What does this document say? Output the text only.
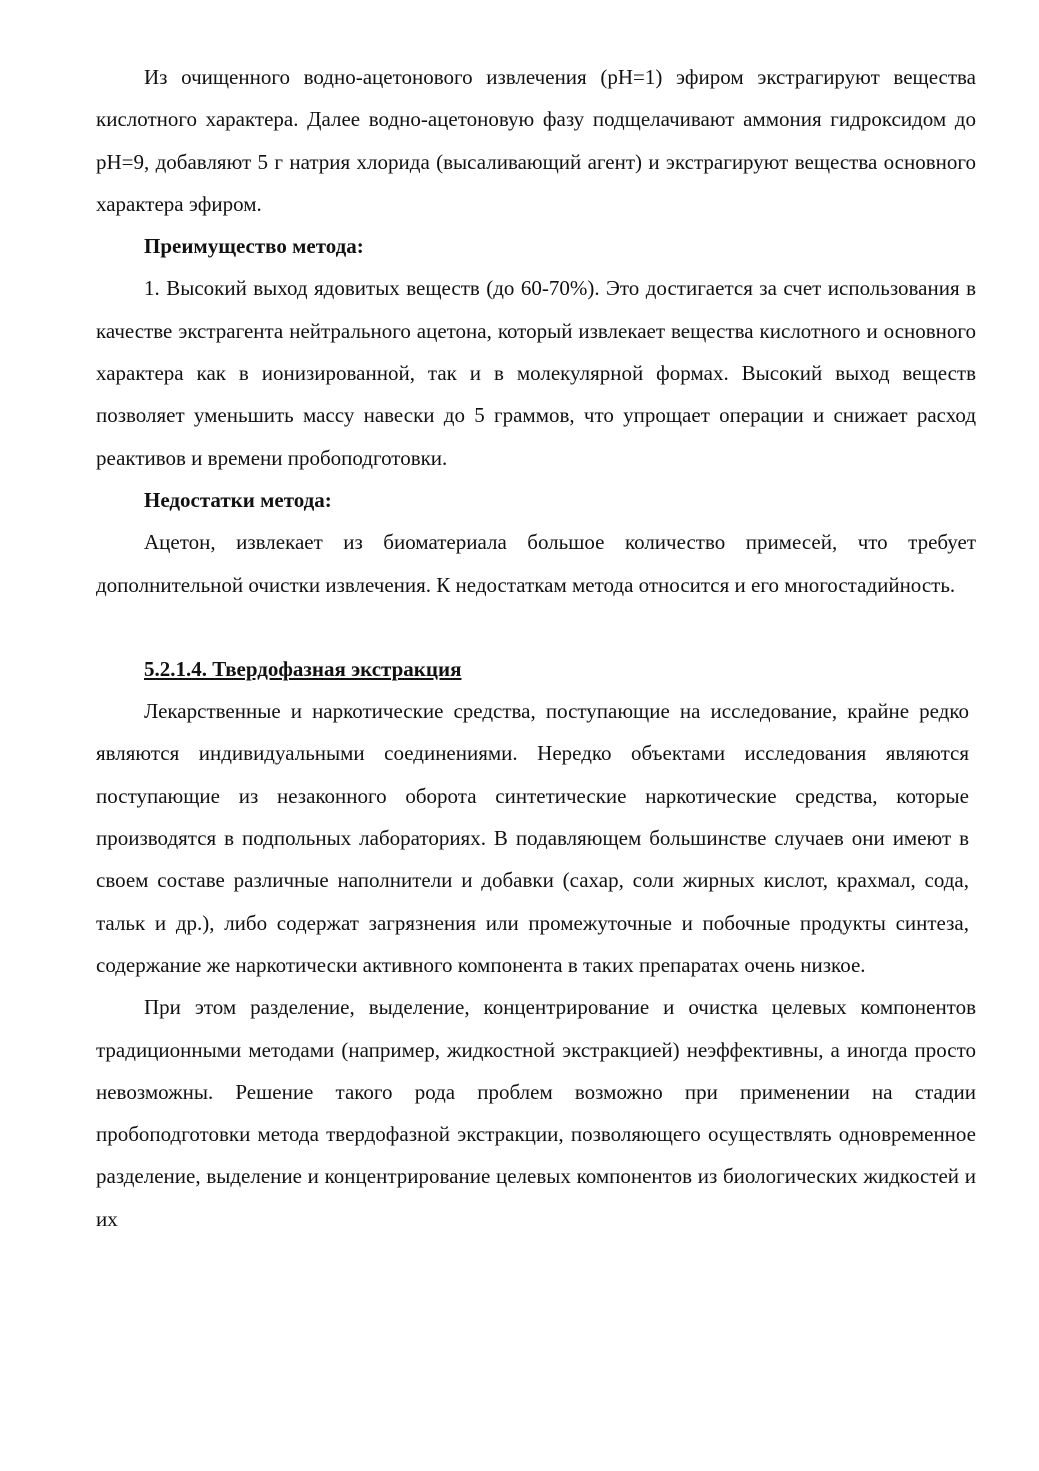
Из очищенного водно-ацетонового извлечения (pH=1) эфиром экстрагируют вещества кислотного характера. Далее водно-ацетоновую фазу подщелачивают аммония гидроксидом до pH=9, добавляют 5 г натрия хлорида (высаливающий агент) и экстрагируют вещества основного характера эфиром.

Преимущество метода:

1. Высокий выход ядовитых веществ (до 60-70%). Это достигается за счет использования в качестве экстрагента нейтрального ацетона, который извлекает вещества кислотного и основного характера как в ионизированной, так и в молекулярной формах. Высокий выход веществ позволяет уменьшить массу навески до 5 граммов, что упрощает операции и снижает расход реактивов и времени пробоподготовки.

Недостатки метода:

Ацетон, извлекает из биоматериала большое количество примесей, что требует дополнительной очистки извлечения. К недостаткам метода относится и его многостадийность.

5.2.1.4. Твердофазная экстракция

Лекарственные и наркотические средства, поступающие на исследование, крайне редко являются индивидуальными соединениями. Нередко объектами исследования являются поступающие из незаконного оборота синтетические наркотические средства, которые производятся в подпольных лабораториях. В подавляющем большинстве случаев они имеют в своем составе различные наполнители и добавки (сахар, соли жирных кислот, крахмал, сода, тальк и др.), либо содержат загрязнения или промежуточные и побочные продукты синтеза, содержание же наркотически активного компонента в таких препаратах очень низкое.

При этом разделение, выделение, концентрирование и очистка целевых компонентов традиционными методами (например, жидкостной экстракцией) неэффективны, а иногда просто невозможны. Решение такого рода проблем возможно при применении на стадии пробоподготовки метода твердофазной экстракции, позволяющего осуществлять одновременное разделение, выделение и концентрирование целевых компонентов из биологических жидкостей и их
